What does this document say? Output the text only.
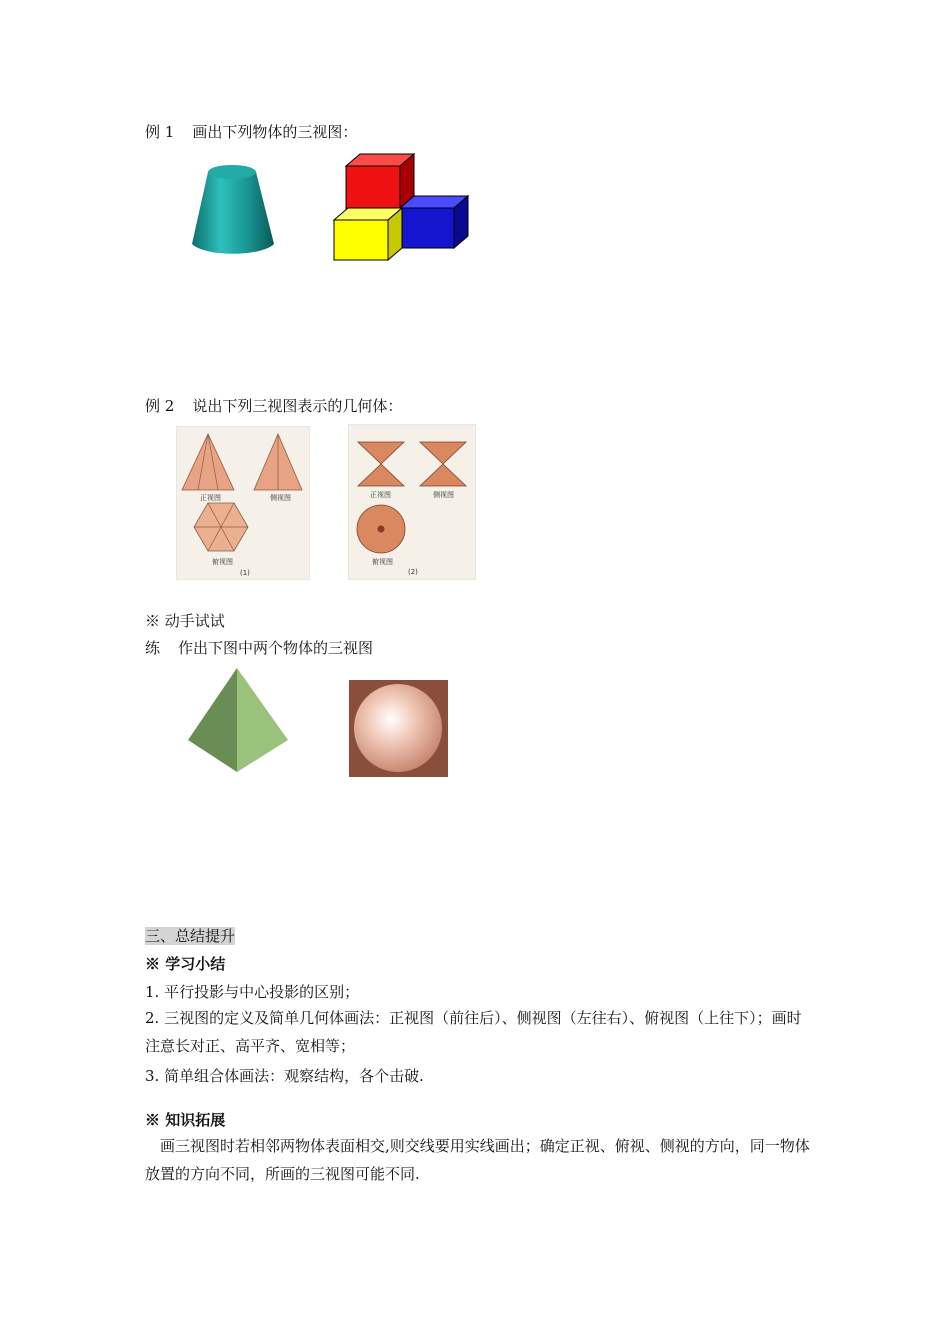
例 1 画出下列物体的三视图：
例 2 说出下列三视图表示的几何体：
正视图	侧视图
俯视图
(1)
正视图	侧视图
俯视图
(2)
※ 动手试试
练 作出下图中两个物体的三视图
三、总结提升
※ 学习小结
1. 平行投影与中心投影的区别；
2. 三视图的定义及简单几何体画法：正视图（前往后）、侧视图（左往右）、俯视图（上往下）；画时注意长对正、高平齐、宽相等；
3. 简单组合体画法：观察结构，各个击破.
※ 知识拓展
画三视图时若相邻两物体表面相交,则交线要用实线画出；确定正视、俯视、侧视的方向，同一物体放置的方向不同，所画的三视图可能不同.
